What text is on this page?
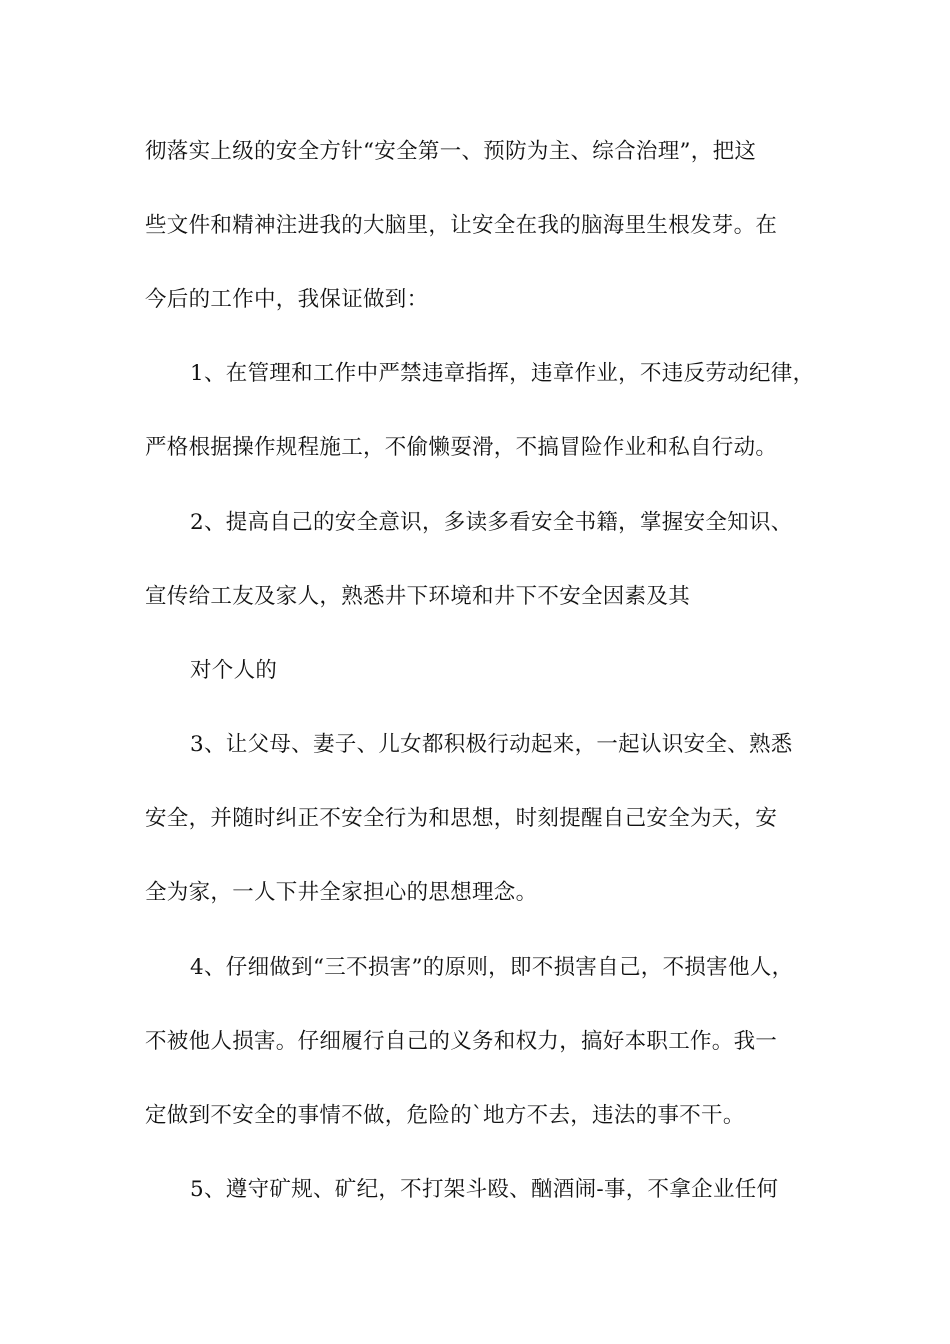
彻落实上级的安全方针“安全第一、预防为主、综合治理”，把这
些文件和精神注进我的大脑里，让安全在我的脑海里生根发芽。在
今后的工作中，我保证做到：
1、在管理和工作中严禁违章指挥，违章作业，不违反劳动纪律，
严格根据操作规程施工，不偷懒耍滑，不搞冒险作业和私自行动。
2、提高自己的安全意识，多读多看安全书籍，掌握安全知识、
宣传给工友及家人，熟悉井下环境和井下不安全因素及其
对个人的
3、让父母、妻子、儿女都积极行动起来，一起认识安全、熟悉
安全，并随时纠正不安全行为和思想，时刻提醒自己安全为天，安
全为家，一人下井全家担心的思想理念。
4、仔细做到“三不损害”的原则，即不损害自己，不损害他人，
不被他人损害。仔细履行自己的义务和权力，搞好本职工作。我一
定做到不安全的事情不做，危险的`地方不去，违法的事不干。
5、遵守矿规、矿纪，不打架斗殴、酗酒闹-事，不拿企业任何
